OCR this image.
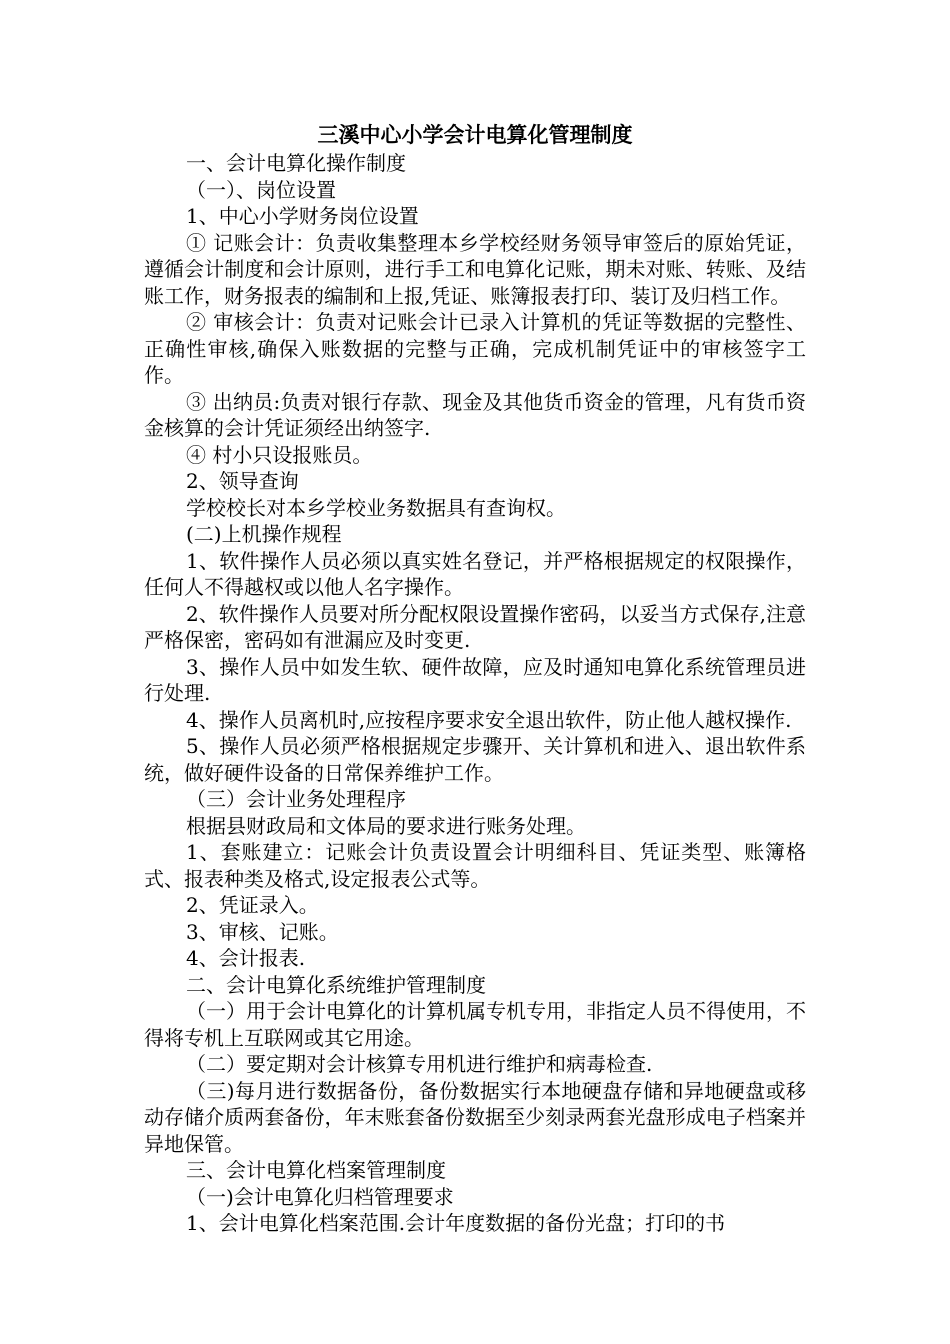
三溪中心小学会计电算化管理制度

一、会计电算化操作制度

（一）、岗位设置

1、中心小学财务岗位设置

① 记账会计：负责收集整理本乡学校经财务领导审签后的原始凭证，遵循会计制度和会计原则，进行手工和电算化记账，期未对账、转账、及结账工作，财务报表的编制和上报,凭证、账簿报表打印、装订及归档工作。

② 审核会计：负责对记账会计已录入计算机的凭证等数据的完整性、正确性审核,确保入账数据的完整与正确，完成机制凭证中的审核签字工作。

③ 出纳员:负责对银行存款、现金及其他货币资金的管理，凡有货币资金核算的会计凭证须经出纳签字.

④ 村小只设报账员。

2、领导查询

学校校长对本乡学校业务数据具有查询权。

(二)上机操作规程

1、软件操作人员必须以真实姓名登记，并严格根据规定的权限操作，任何人不得越权或以他人名字操作。

2、软件操作人员要对所分配权限设置操作密码，以妥当方式保存,注意严格保密，密码如有泄漏应及时变更.

3、操作人员中如发生软、硬件故障，应及时通知电算化系统管理员进行处理.

4、操作人员离机时,应按程序要求安全退出软件，防止他人越权操作.

5、操作人员必须严格根据规定步骤开、关计算机和进入、退出软件系统，做好硬件设备的日常保养维护工作。

（三）会计业务处理程序

根据县财政局和文体局的要求进行账务处理。

1、套账建立：记账会计负责设置会计明细科目、凭证类型、账簿格式、报表种类及格式,设定报表公式等。

2、凭证录入。

3、审核、记账。

4、会计报表.

二、会计电算化系统维护管理制度

（一）用于会计电算化的计算机属专机专用，非指定人员不得使用，不得将专机上互联网或其它用途。

（二）要定期对会计核算专用机进行维护和病毒检查.

（三)每月进行数据备份，备份数据实行本地硬盘存储和异地硬盘或移动存储介质两套备份，年末账套备份数据至少刻录两套光盘形成电子档案并异地保管。

三、会计电算化档案管理制度

（一)会计电算化归档管理要求

1、会计电算化档案范围.会计年度数据的备份光盘；打印的书
